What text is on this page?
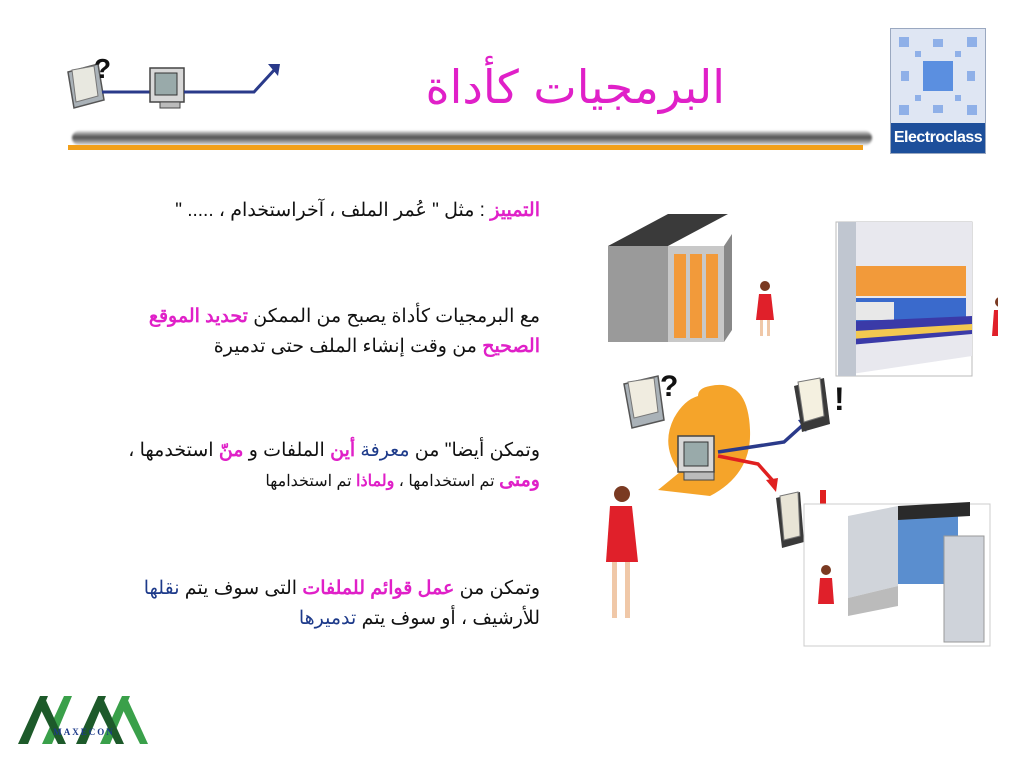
?	البرمجيات كأداة
Electroclass
التمييز : مثل " عُمر الملف ، آخراستخدام ، ..... "
مع البرمجيات كأداة يصبح من الممكن تحديد الموقع
الصحيح من وقت إنشاء الملف حتى تدميرة
وتمكن أيضا" من معرفة أين الملفات و منّ استخدمها ،
ومتى تم استخدامها ، ولماذا تم استخدامها
وتمكن من عمل قوائم للملفات التى سوف يتم نقلها
للأرشيف ، أو سوف يتم تدميرها
?	!
MAXECON
